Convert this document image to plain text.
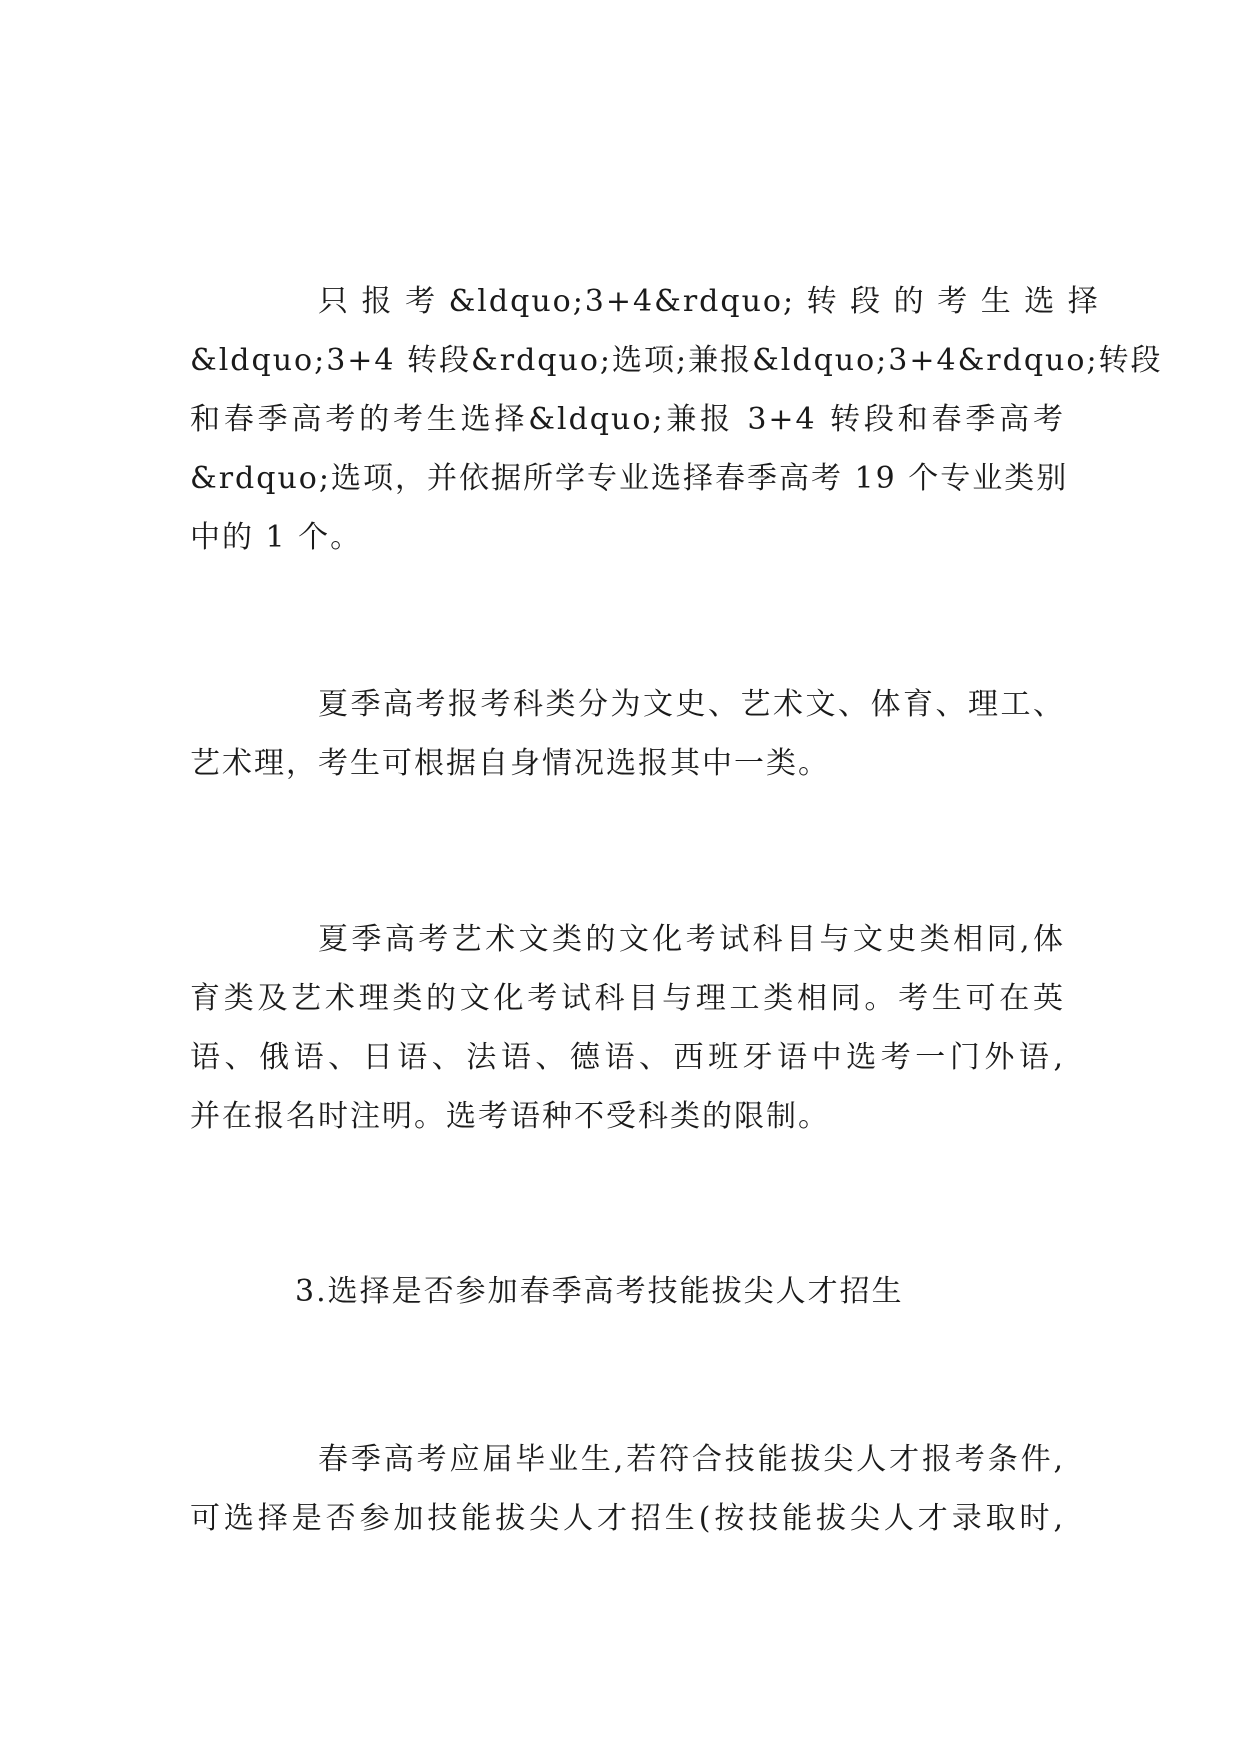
只 报 考 &ldquo;3+4&rdquo; 转 段 的 考 生 选 择
&ldquo;3+4 转段&rdquo;选项;兼报&ldquo;3+4&rdquo;转段
和春季高考的考生选择&ldquo;兼报 3+4 转段和春季高考
&rdquo;选项，并依据所学专业选择春季高考 19 个专业类别
中的 1 个。
夏季高考报考科类分为文史、艺术文、体育、理工、
艺术理，考生可根据自身情况选报其中一类。
夏季高考艺术文类的文化考试科目与文史类相同,体
育类及艺术理类的文化考试科目与理工类相同。考生可在英
语、俄语、日语、法语、德语、西班牙语中选考一门外语,
并在报名时注明。选考语种不受科类的限制。
3.选择是否参加春季高考技能拔尖人才招生
春季高考应届毕业生,若符合技能拔尖人才报考条件,
可选择是否参加技能拔尖人才招生(按技能拔尖人才录取时,
